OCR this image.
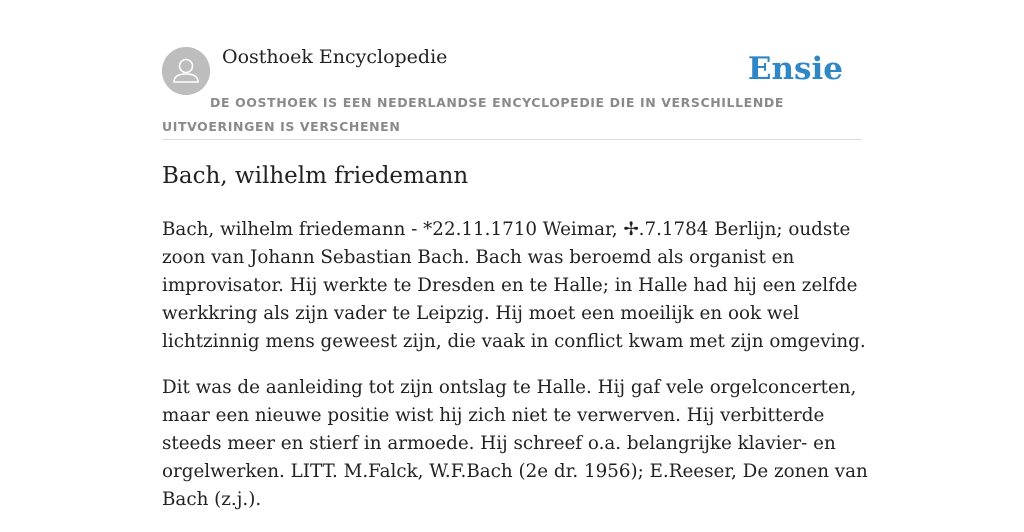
Oosthoek Encyclopedie	Ensie
DE OOSTHOEK IS EEN NEDERLANDSE ENCYCLOPEDIE DIE IN VERSCHILLENDE UITVOERINGEN IS VERSCHENEN
Bach, wilhelm friedemann

Bach, wilhelm friedemann - *22.11.1710 Weimar, ✢.7.1784 Berlijn; oudste zoon van Johann Sebastian Bach. Bach was beroemd als organist en improvisator. Hij werkte te Dresden en te Halle; in Halle had hij een zelfde werkkring als zijn vader te Leipzig. Hij moet een moeilijk en ook wel lichtzinnig mens geweest zijn, die vaak in conflict kwam met zijn omgeving.

Dit was de aanleiding tot zijn ontslag te Halle. Hij gaf vele orgelconcerten, maar een nieuwe positie wist hij zich niet te verwerven. Hij verbitterde steeds meer en stierf in armoede. Hij schreef o.a. belangrijke klavier- en orgelwerken. LITT. M.Falck, W.F.Bach (2e dr. 1956); E.Reeser, De zonen van Bach (z.j.).
